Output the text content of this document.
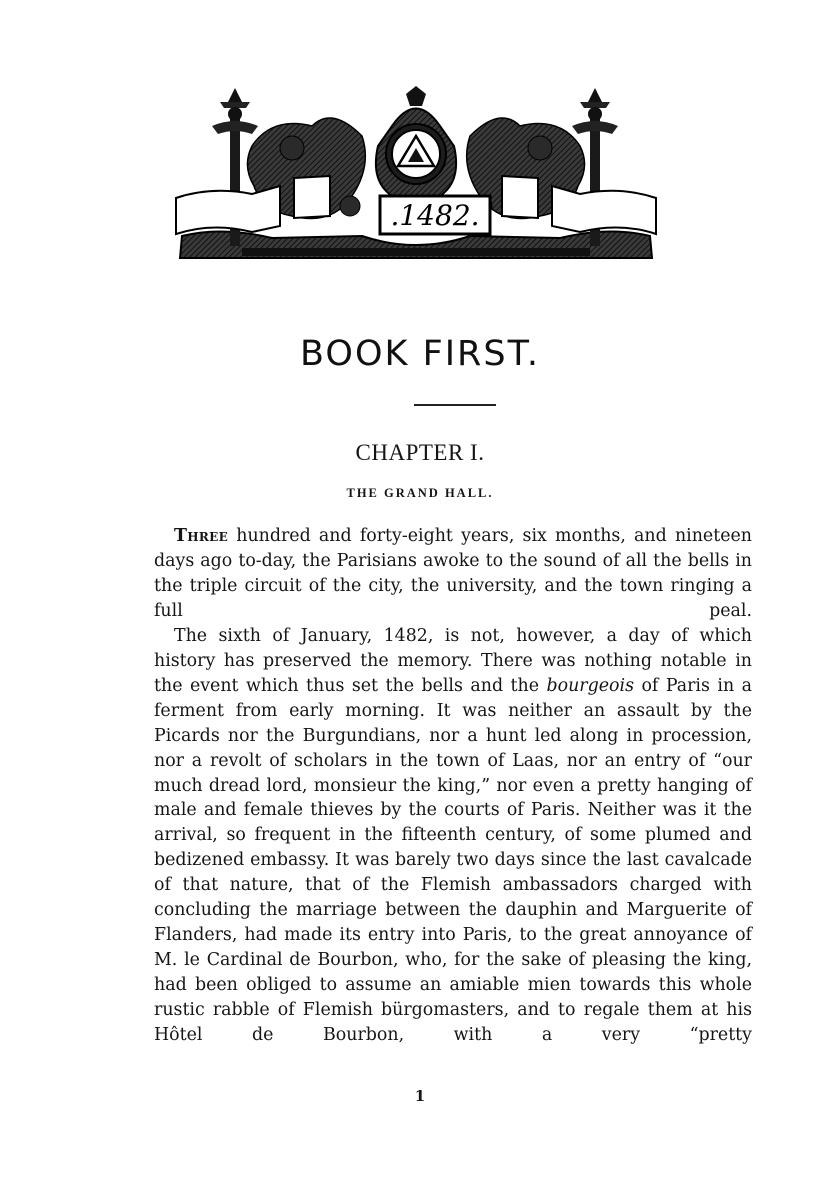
.1482.
BOOK FIRST.
CHAPTER I.
THE GRAND HALL.

Three hundred and forty-eight years, six months, and nineteen days ago to-day, the Parisians awoke to the sound of all the bells in the triple circuit of the city, the university, and the town ringing a full peal.

The sixth of January, 1482, is not, however, a day of which history has preserved the memory. There was nothing notable in the event which thus set the bells and the bourgeois of Paris in a ferment from early morning. It was neither an assault by the Picards nor the Burgundians, nor a hunt led along in procession, nor a revolt of scholars in the town of Laas, nor an entry of “our much dread lord, monsieur the king,” nor even a pretty hanging of male and female thieves by the courts of Paris. Neither was it the arrival, so frequent in the fifteenth century, of some plumed and bedizened embassy. It was barely two days since the last cavalcade of that nature, that of the Flemish ambassadors charged with concluding the marriage between the dauphin and Marguerite of Flanders, had made its entry into Paris, to the great annoyance of M. le Cardinal de Bourbon, who, for the sake of pleasing the king, had been obliged to assume an amiable mien towards this whole rustic rabble of Flemish bürgomasters, and to regale them at his Hôtel de Bourbon, with a very “pretty

1
